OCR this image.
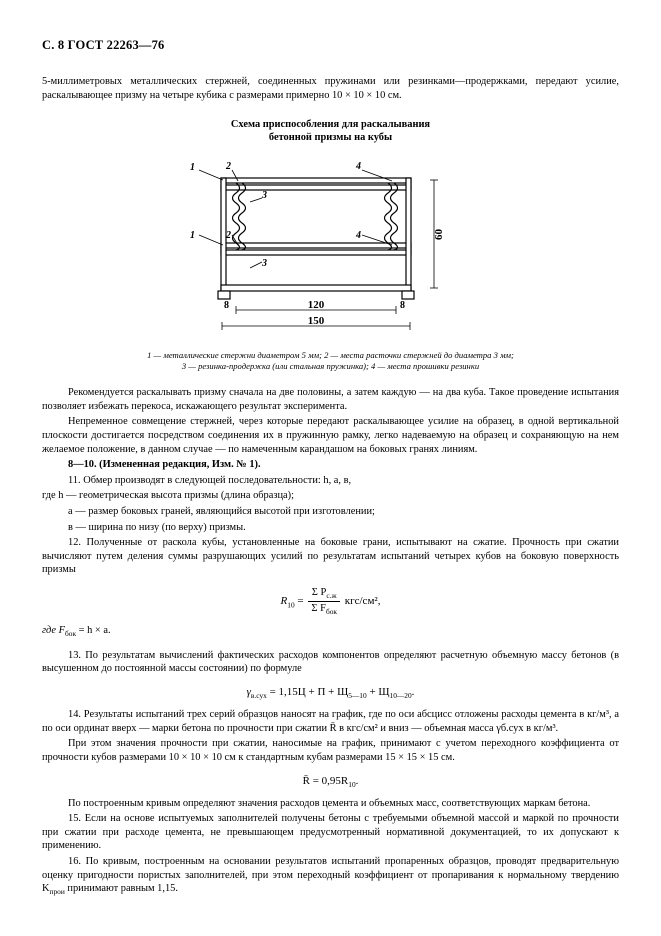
С. 8 ГОСТ 22263—76
5-миллиметровых металлических стержней, соединенных пружинами или резинками—продержками, передают усилие, раскалывающее призму на четыре кубика с размерами примерно 10 × 10 × 10 см.
Схема приспособления для раскалывания
бетонной призмы на кубы
1	2	4
3
1	2	4
3
60
120
150
8	8
1 — металлические стержни диаметром 5 мм; 2 — места расточки стержней до диаметра 3 мм;
3 — резинка-продержка (или стальная пружинка); 4 — места прошивки резинки
Рекомендуется раскалывать призму сначала на две половины, а затем каждую — на два куба. Такое проведение испытания позволяет избежать перекоса, искажающего результат эксперимента.
Непременное совмещение стержней, через которые передают раскалывающее усилие на образец, в одной вертикальной плоскости достигается посредством соединения их в пружинную рамку, легко надеваемую на образец и сохраняющую на нем желаемое положение, в данном случае — по намеченным карандашом на боковых гранях линиям.
8—10. (Измененная редакция, Изм. № 1).
11. Обмер производят в следующей последовательности: h, a, в,
где h — геометрическая высота призмы (длина образца);
a — размер боковых граней, являющийся высотой при изготовлении;
в — ширина по низу (по верху) призмы.
12. Полученные от раскола кубы, установленные на боковые грани, испытывают на сжатие. Прочность при сжатии вычисляют путем деления суммы разрушающих усилий по результатам испытаний четырех кубов на боковую поверхность призмы
$R_{10} = \frac{\Sigma P_{с.ж}}{\Sigma F_{бок}} кгс/см^2$,
где $F_{бок} = h \times a$.
13. По результатам вычислений фактических расходов компонентов определяют расчетную объемную массу бетонов (в высушенном до постоянной массы состоянии) по формуле
$\gamma_{в.сух} = 1,15Ц + П + Щ_{5—10} + Щ_{10—20}$.
14. Результаты испытаний трех серий образцов наносят на график, где по оси абсцисс отложены расходы цемента в кг/м³, а по оси ординат вверх — марки бетона по прочности при сжатии R̄ в кгс/см² и вниз — объемная масса γб.сух в кг/м³.
При этом значения прочности при сжатии, наносимые на график, принимают с учетом переходного коэффициента от прочности кубов размерами 10 × 10 × 10 см к стандартным кубам размерами 15 × 15 × 15 см.
R̄ = $0,95R_{10}$.
По построенным кривым определяют значения расходов цемента и объемных масс, соответствующих маркам бетона.
15. Если на основе испытуемых заполнителей получены бетоны с требуемыми объемной массой и маркой по прочности при сжатии при расходе цемента, не превышающем предусмотренный нормативной документацией, то их допускают к применению.
16. По кривым, построенным на основании результатов испытаний пропаренных образцов, проводят предварительную оценку пригодности пористых заполнителей, при этом переходный коэффициент от пропаривания к нормальному твердению $K_{прои}$ принимают равным 1,15.
